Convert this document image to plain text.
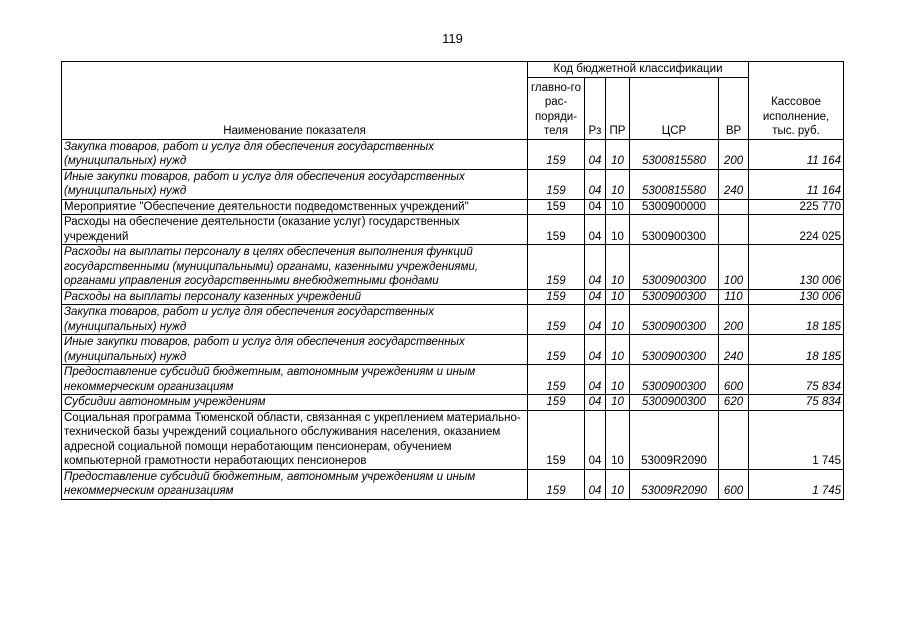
119
Наименование показателя	Код бюджетной классификации					Кассовое исполнение, тыс. руб.
	главно-го рас-поряди-теля	Рз	ПР	ЦСР	ВР	
Закупка товаров, работ и услуг для обеспечения государственных (муниципальных) нужд	159	04	10	5300815580	200	11 164
Иные закупки товаров, работ и услуг для обеспечения государственных (муниципальных) нужд	159	04	10	5300815580	240	11 164
Мероприятие "Обеспечение деятельности подведомственных учреждений"	159	04	10	5300900000		225 770
Расходы на обеспечение деятельности (оказание услуг) государственных учреждений	159	04	10	5300900300		224 025
Расходы на выплаты персоналу в целях обеспечения выполнения функций государственными (муниципальными) органами, казенными учреждениями, органами управления государственными внебюджетными фондами	159	04	10	5300900300	100	130 006
Расходы на выплаты персоналу казенных учреждений	159	04	10	5300900300	110	130 006
Закупка товаров, работ и услуг для обеспечения государственных (муниципальных) нужд	159	04	10	5300900300	200	18 185
Иные закупки товаров, работ и услуг для обеспечения государственных (муниципальных) нужд	159	04	10	5300900300	240	18 185
Предоставление субсидий бюджетным, автономным учреждениям и иным некоммерческим организациям	159	04	10	5300900300	600	75 834
Субсидии автономным учреждениям	159	04	10	5300900300	620	75 834
Социальная программа Тюменской области, связанная с укреплением материально-технической базы учреждений социального обслуживания населения, оказанием адресной социальной помощи неработающим пенсионерам, обучением компьютерной грамотности неработающих пенсионеров	159	04	10	53009R2090		1 745
Предоставление субсидий бюджетным, автономным учреждениям и иным некоммерческим организациям	159	04	10	53009R2090	600	1 745
